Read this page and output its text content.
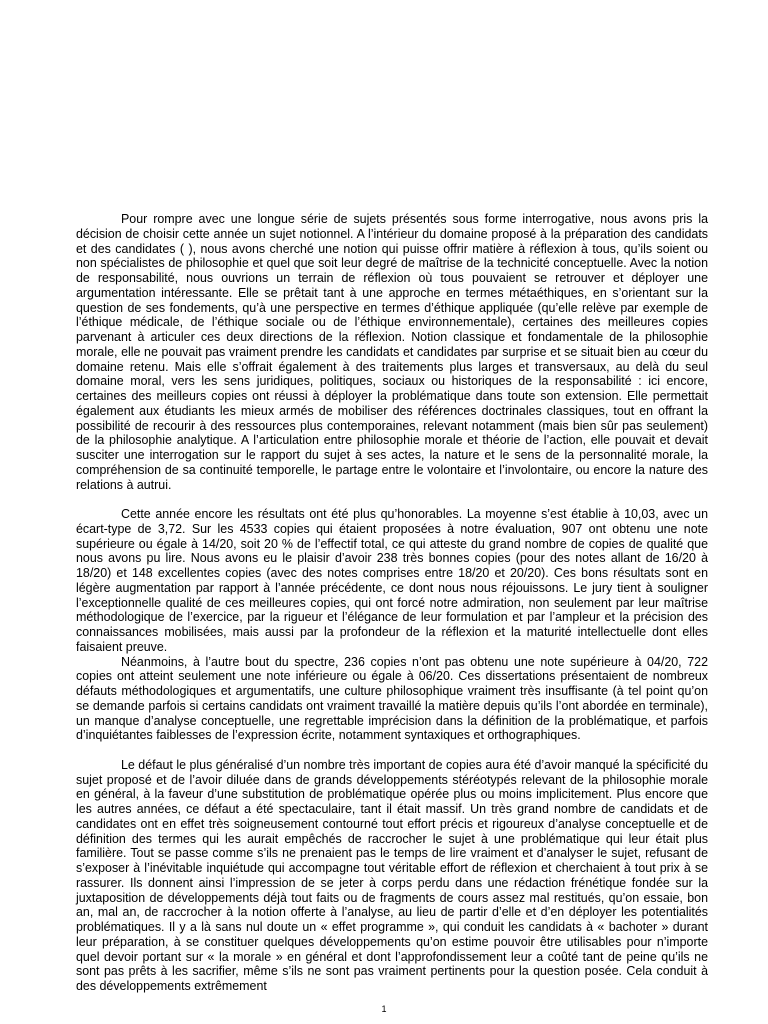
Pour rompre avec une longue série de sujets présentés sous forme interrogative, nous avons pris la décision de choisir cette année un sujet notionnel. A l’intérieur du domaine proposé à la préparation des candidats et des candidates ( ), nous avons cherché une notion qui puisse offrir matière à réflexion à tous, qu’ils soient ou non spécialistes de philosophie et quel que soit leur degré de maîtrise de la technicité conceptuelle. Avec la notion de responsabilité, nous ouvrions un terrain de réflexion où tous pouvaient se retrouver et déployer une argumentation intéressante. Elle se prêtait tant à une approche en termes métaéthiques, en s’orientant sur la question de ses fondements, qu’à une perspective en termes d’éthique appliquée (qu’elle relève par exemple de l’éthique médicale, de l’éthique sociale ou de l’éthique environnementale), certaines des meilleures copies parvenant à articuler ces deux directions de la réflexion. Notion classique et fondamentale de la philosophie morale, elle ne pouvait pas vraiment prendre les candidats et candidates par surprise et se situait bien au cœur du domaine retenu. Mais elle s’offrait également à des traitements plus larges et transversaux, au delà du seul domaine moral, vers les sens juridiques, politiques, sociaux ou historiques de la responsabilité : ici encore, certaines des meilleurs copies ont réussi à déployer la problématique dans toute son extension. Elle permettait également aux étudiants les mieux armés de mobiliser des références doctrinales classiques, tout en offrant la possibilité de recourir à des ressources plus contemporaines, relevant notamment (mais bien sûr pas seulement) de la philosophie analytique. A l’articulation entre philosophie morale et théorie de l’action, elle pouvait et devait susciter une interrogation sur le rapport du sujet à ses actes, la nature et le sens de la personnalité morale, la compréhension de sa continuité temporelle, le partage entre le volontaire et l’involontaire, ou encore la nature des relations à autrui.

Cette année encore les résultats ont été plus qu’honorables. La moyenne s’est établie à 10,03, avec un écart-type de 3,72. Sur les 4533 copies qui étaient proposées à notre évaluation, 907 ont obtenu une note supérieure ou égale à 14/20, soit 20 % de l’effectif total, ce qui atteste du grand nombre de copies de qualité que nous avons pu lire. Nous avons eu le plaisir d’avoir 238 très bonnes copies (pour des notes allant de 16/20 à 18/20) et 148 excellentes copies (avec des notes comprises entre 18/20 et 20/20). Ces bons résultats sont en légère augmentation par rapport à l’année précédente, ce dont nous nous réjouissons. Le jury tient à souligner l’exceptionnelle qualité de ces meilleures copies, qui ont forcé notre admiration, non seulement par leur maîtrise méthodologique de l’exercice, par la rigueur et l’élégance de leur formulation et par l’ampleur et la précision des connaissances mobilisées, mais aussi par la profondeur de la réflexion et la maturité intellectuelle dont elles faisaient preuve.

Néanmoins, à l’autre bout du spectre, 236 copies n’ont pas obtenu une note supérieure à 04/20, 722 copies ont atteint seulement une note inférieure ou égale à 06/20. Ces dissertations présentaient de nombreux défauts méthodologiques et argumentatifs, une culture philosophique vraiment très insuffisante (à tel point qu’on se demande parfois si certains candidats ont vraiment travaillé la matière depuis qu’ils l’ont abordée en terminale), un manque d’analyse conceptuelle, une regrettable imprécision dans la définition de la problématique, et parfois d’inquiétantes faiblesses de l’expression écrite, notamment syntaxiques et orthographiques.

Le défaut le plus généralisé d’un nombre très important de copies aura été d’avoir manqué la spécificité du sujet proposé et de l’avoir diluée dans de grands développements stéréotypés relevant de la philosophie morale en général, à la faveur d’une substitution de problématique opérée plus ou moins implicitement. Plus encore que les autres années, ce défaut a été spectaculaire, tant il était massif. Un très grand nombre de candidats et de candidates ont en effet très soigneusement contourné tout effort précis et rigoureux d’analyse conceptuelle et de définition des termes qui les aurait empêchés de raccrocher le sujet à une problématique qui leur était plus familière. Tout se passe comme s’ils ne prenaient pas le temps de lire vraiment et d’analyser le sujet, refusant de s’exposer à l’inévitable inquiétude qui accompagne tout véritable effort de réflexion et cherchaient à tout prix à se rassurer. Ils donnent ainsi l’impression de se jeter à corps perdu dans une rédaction frénétique fondée sur la juxtaposition de développements déjà tout faits ou de fragments de cours assez mal restitués, qu’on essaie, bon an, mal an, de raccrocher à la notion offerte à l’analyse, au lieu de partir d’elle et d’en déployer les potentialités problématiques. Il y a là sans nul doute un « effet programme », qui conduit les candidats à « bachoter » durant leur préparation, à se constituer quelques développements qu’on estime pouvoir être utilisables pour n’importe quel devoir portant sur « la morale » en général et dont l’approfondissement leur a coûté tant de peine qu’ils ne sont pas prêts à les sacrifier, même s’ils ne sont pas vraiment pertinents pour la question posée. Cela conduit à des développements extrêmement

1
